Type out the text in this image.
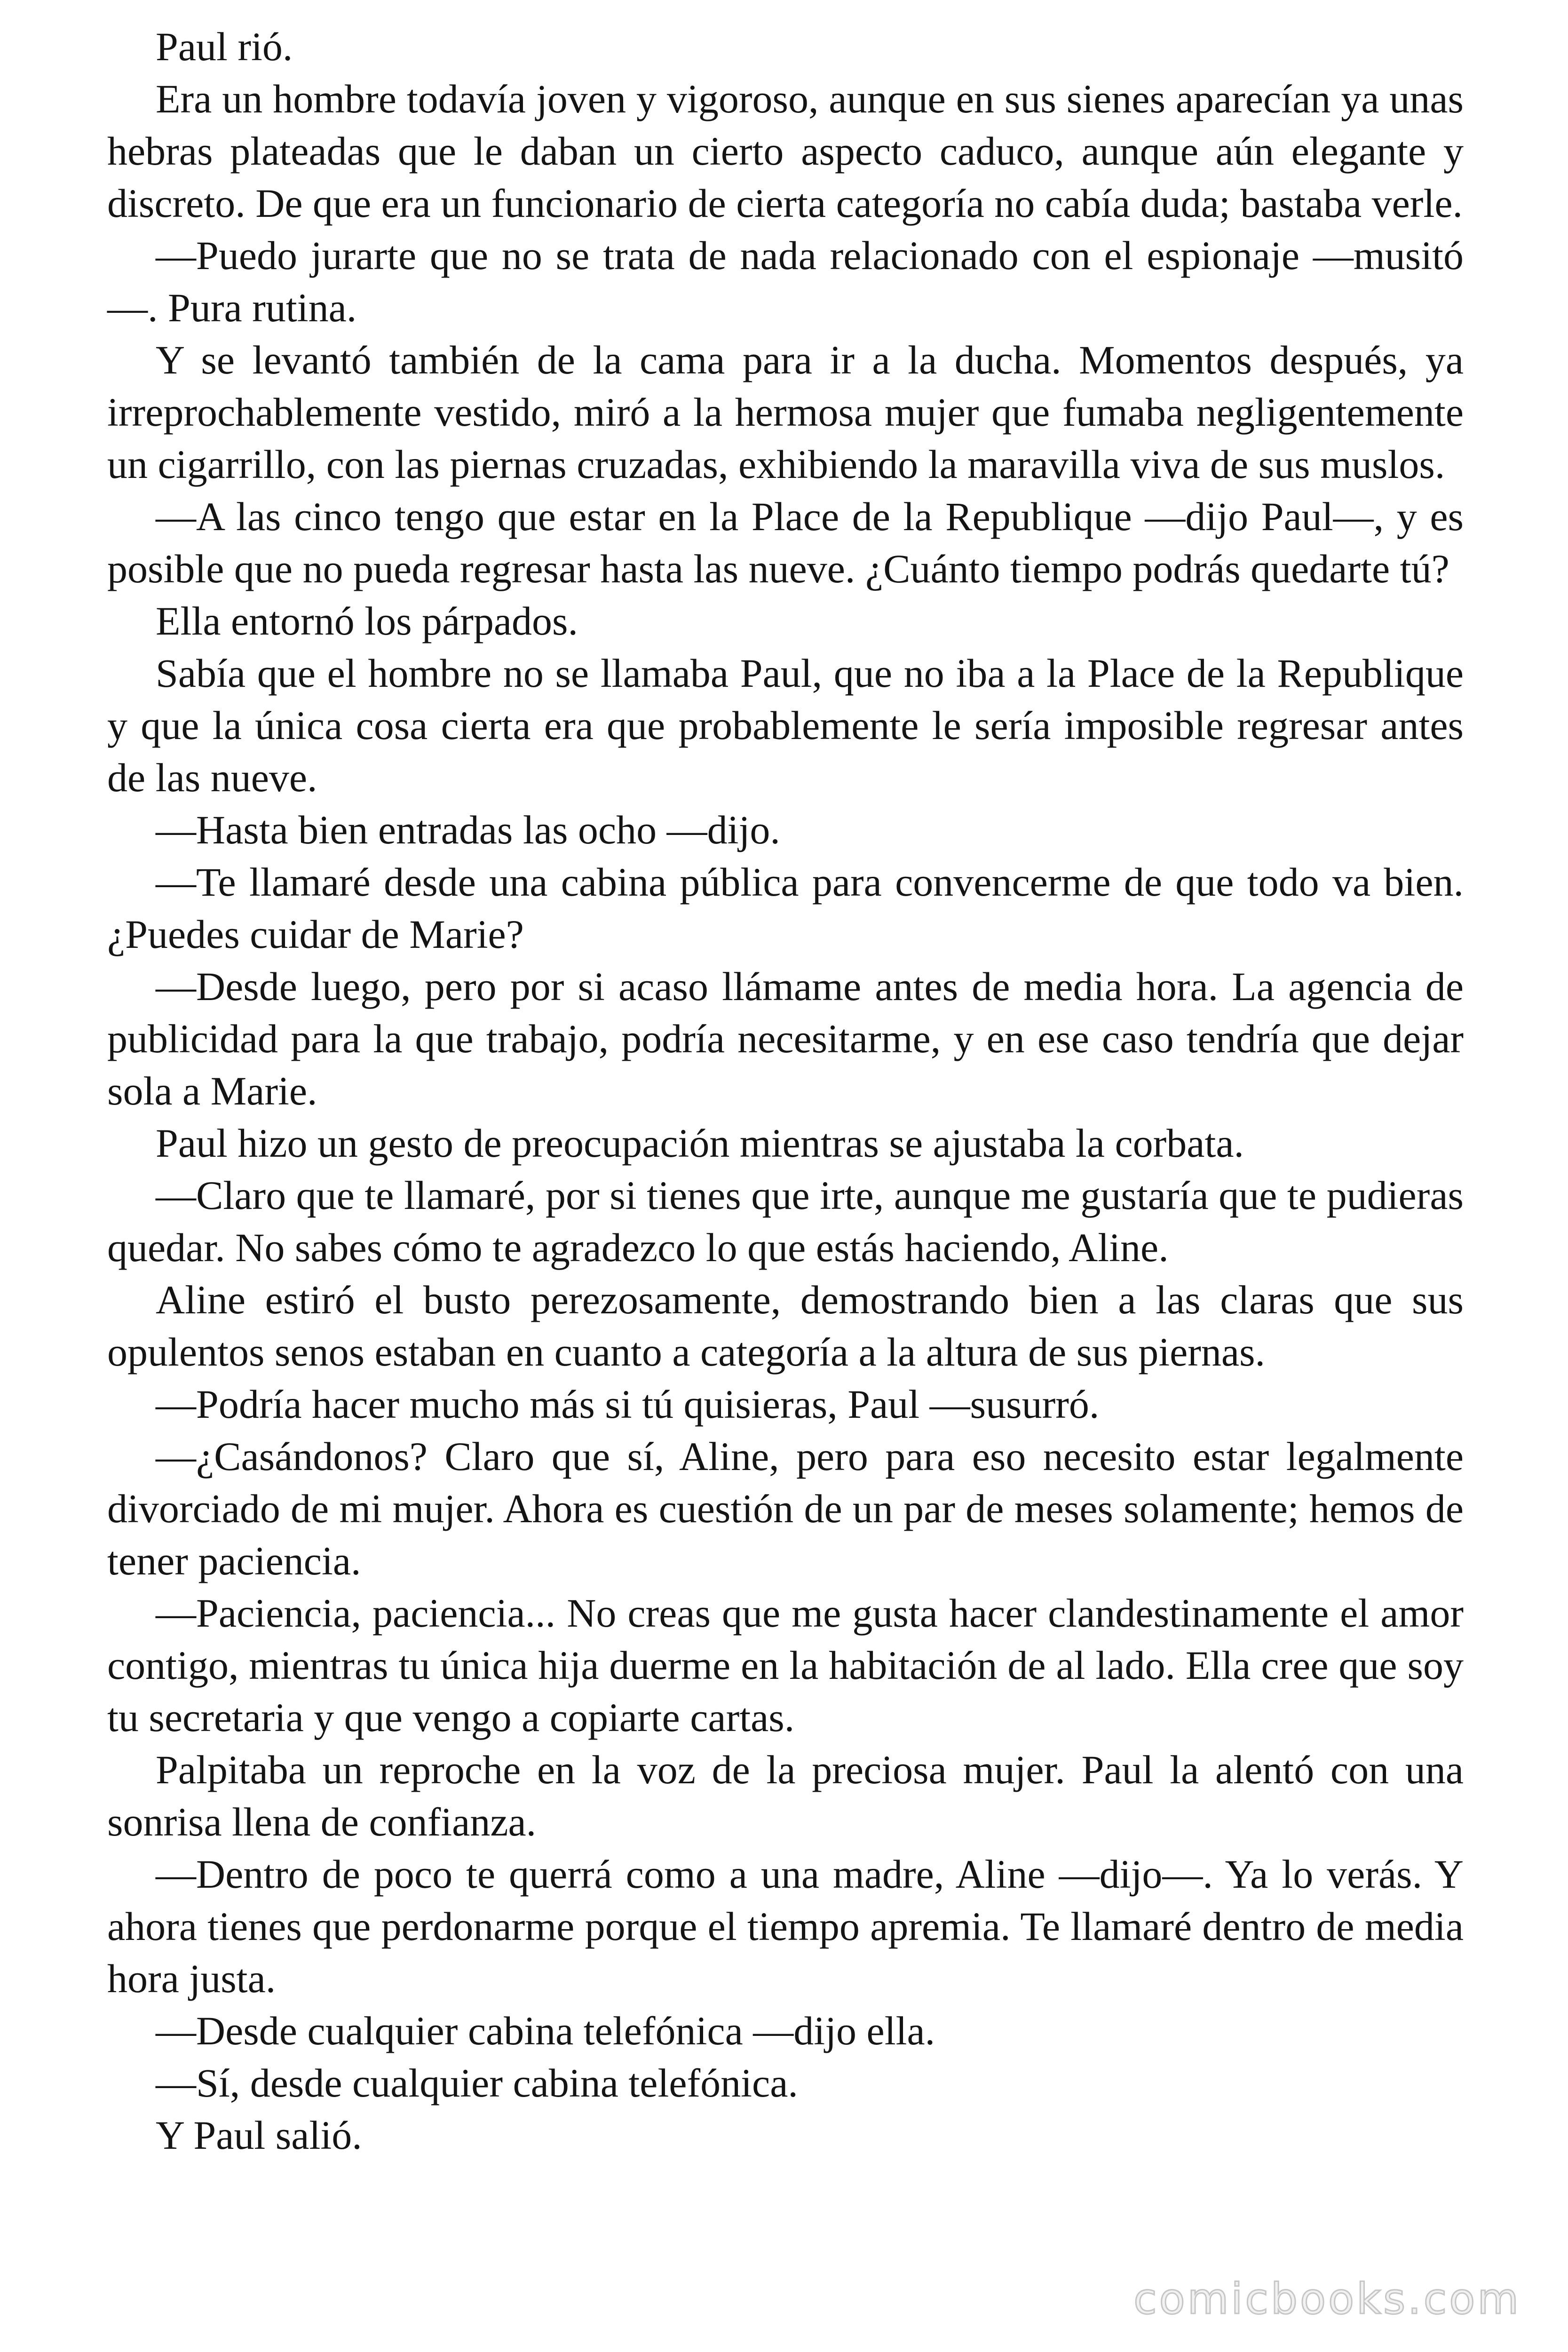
Paul rió.

Era un hombre todavía joven y vigoroso, aunque en sus sienes aparecían ya unas hebras plateadas que le daban un cierto aspecto caduco, aunque aún elegante y discreto. De que era un funcionario de cierta categoría no cabía duda; bastaba verle.

—Puedo jurarte que no se trata de nada relacionado con el espionaje —musitó—. Pura rutina.

Y se levantó también de la cama para ir a la ducha. Momentos después, ya irreprochablemente vestido, miró a la hermosa mujer que fumaba negligentemente un cigarrillo, con las piernas cruzadas, exhibiendo la maravilla viva de sus muslos.

—A las cinco tengo que estar en la Place de la Republique —dijo Paul—, y es posible que no pueda regresar hasta las nueve. ¿Cuánto tiempo podrás quedarte tú?

Ella entornó los párpados.

Sabía que el hombre no se llamaba Paul, que no iba a la Place de la Republique y que la única cosa cierta era que probablemente le sería imposible regresar antes de las nueve.

—Hasta bien entradas las ocho —dijo.

—Te llamaré desde una cabina pública para convencerme de que todo va bien. ¿Puedes cuidar de Marie?

—Desde luego, pero por si acaso llámame antes de media hora. La agencia de publicidad para la que trabajo, podría necesitarme, y en ese caso tendría que dejar sola a Marie.

Paul hizo un gesto de preocupación mientras se ajustaba la corbata.

—Claro que te llamaré, por si tienes que irte, aunque me gustaría que te pudieras quedar. No sabes cómo te agradezco lo que estás haciendo, Aline.

Aline estiró el busto perezosamente, demostrando bien a las claras que sus opulentos senos estaban en cuanto a categoría a la altura de sus piernas.

—Podría hacer mucho más si tú quisieras, Paul —susurró.

—¿Casándonos? Claro que sí, Aline, pero para eso necesito estar legalmente divorciado de mi mujer. Ahora es cuestión de un par de meses solamente; hemos de tener paciencia.

—Paciencia, paciencia... No creas que me gusta hacer clandestinamente el amor contigo, mientras tu única hija duerme en la habitación de al lado. Ella cree que soy tu secretaria y que vengo a copiarte cartas.

Palpitaba un reproche en la voz de la preciosa mujer. Paul la alentó con una sonrisa llena de confianza.

—Dentro de poco te querrá como a una madre, Aline —dijo—. Ya lo verás. Y ahora tienes que perdonarme porque el tiempo apremia. Te llamaré dentro de media hora justa.

—Desde cualquier cabina telefónica —dijo ella.

—Sí, desde cualquier cabina telefónica.

Y Paul salió.

comicbooks.com
